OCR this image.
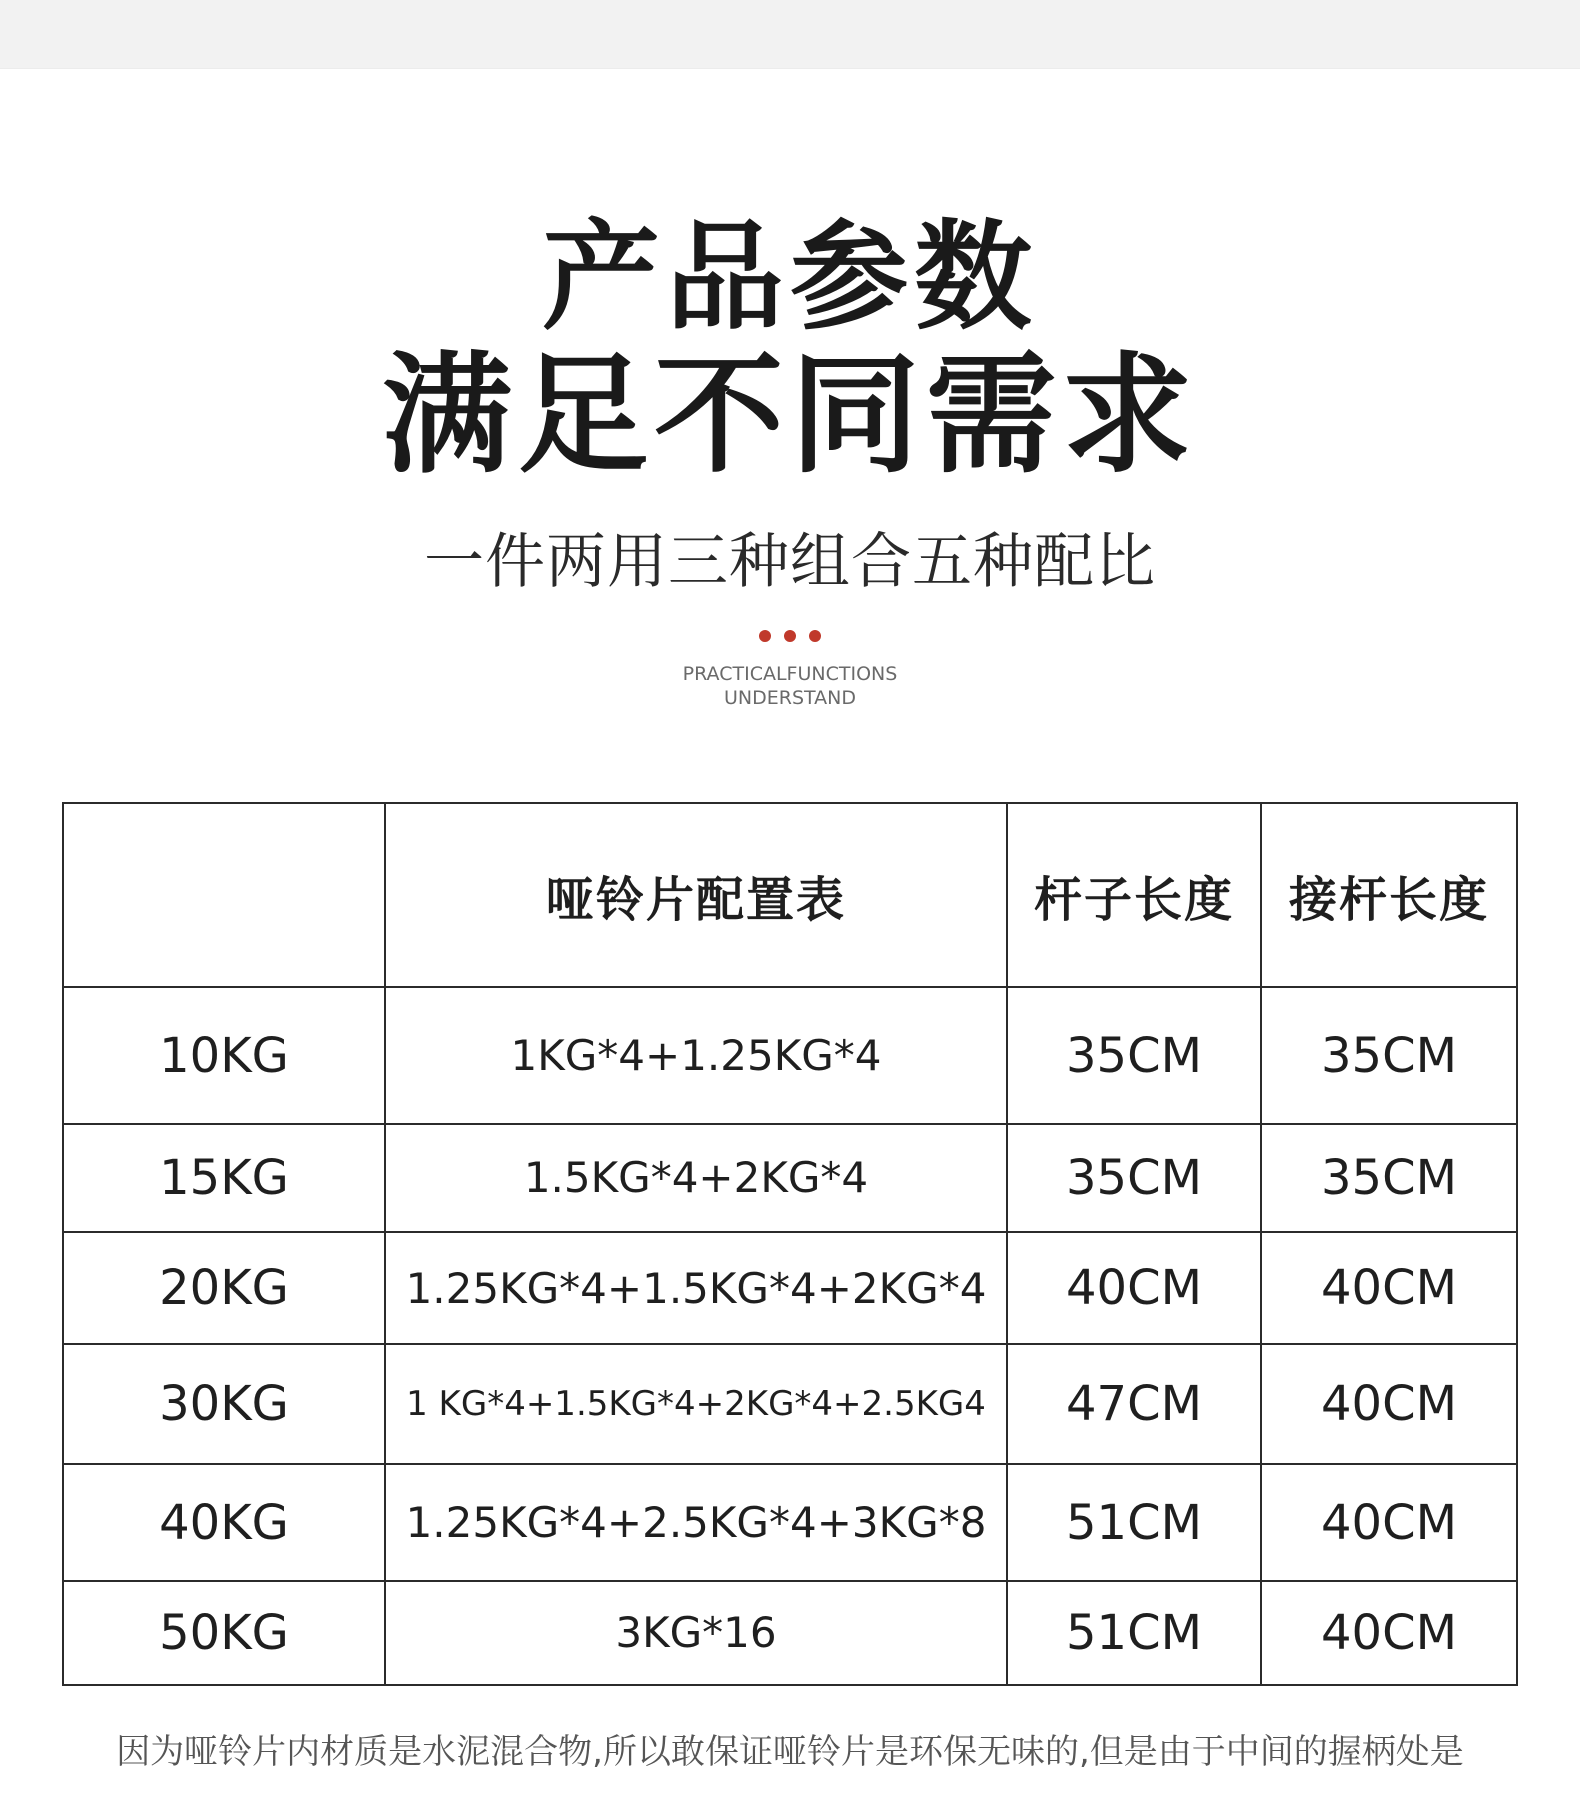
产品参数
满足不同需求
一件两用三种组合五种配比

PRACTICALFUNCTIONS
UNDERSTAND
	哑铃片配置表	杆子长度	接杆长度
10KG	1KG*4+1.25KG*4	35CM	35CM
15KG	1.5KG*4+2KG*4	35CM	35CM
20KG	1.25KG*4+1.5KG*4+2KG*4	40CM	40CM
30KG	1 KG*4+1.5KG*4+2KG*4+2.5KG4	47CM	40CM
40KG	1.25KG*4+2.5KG*4+3KG*8	51CM	40CM
50KG	3KG*16	51CM	40CM
因为哑铃片内材质是水泥混合物,所以敢保证哑铃片是环保无味的,但是由于中间的握柄处是
